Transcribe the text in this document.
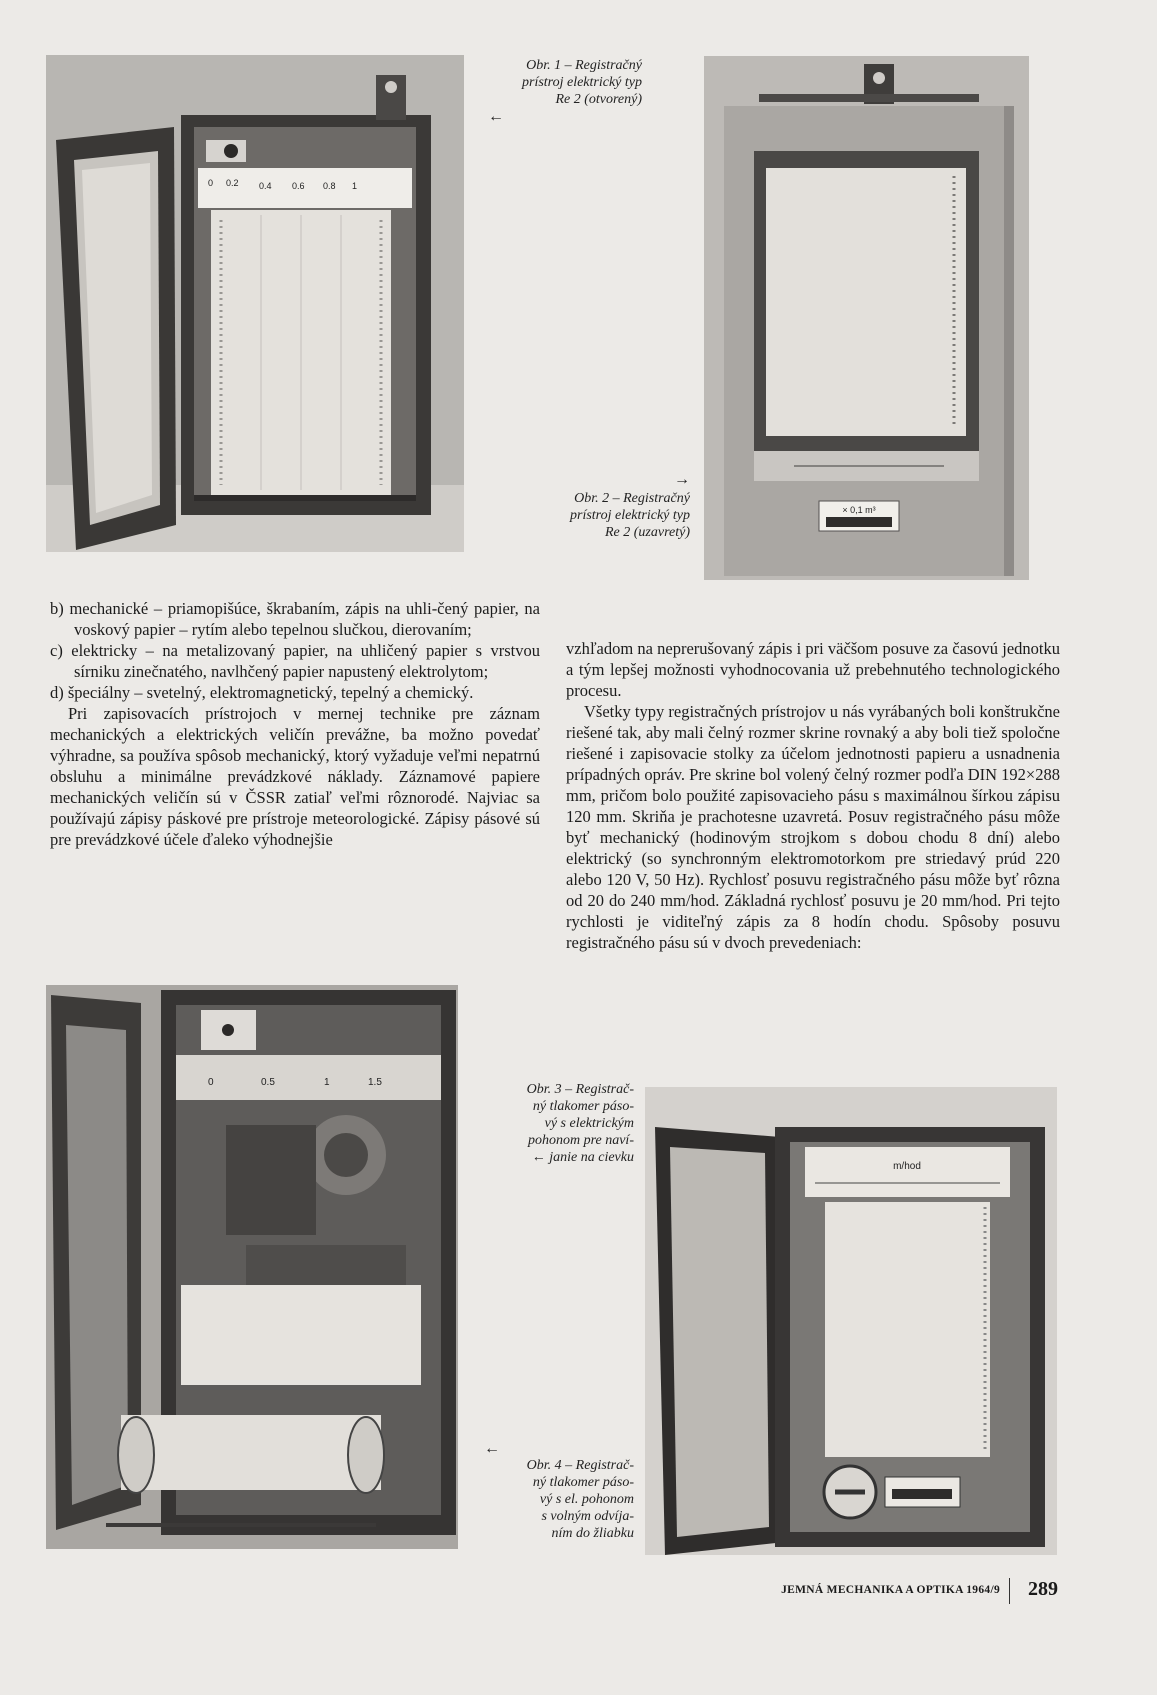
0 0.2 0.4 0.6 0.8 1
Obr. 1 – Registračný
prístroj elektrický typ
Re 2 (otvorený)
←
× 0,1 m³
→
Obr. 2 – Registračný
prístroj elektrický typ
Re 2 (uzavretý)

b) mechanické – priamopišúce, škrabaním, zápis na uhli-čený papier, na voskový papier – rytím alebo tepelnou slučkou, dierovaním;

c) elektricky – na metalizovaný papier, na uhličený papier s vrstvou sírniku zinečnatého, navlhčený papier napustený elektrolytom;

d) špeciálny – svetelný, elektromagnetický, tepelný a chemický.

Pri zapisovacích prístrojoch v mernej technike pre záznam mechanických a elektrických veličín prevážne, ba možno povedať výhradne, sa používa spôsob mechanický, ktorý vyžaduje veľmi nepatrnú obsluhu a minimálne prevádzkové náklady. Záznamové papiere mechanických veličín sú v ČSSR zatiaľ veľmi rôznorodé. Najviac sa používajú zápisy páskové pre prístroje meteorologické. Zápisy pásové sú pre prevádzkové účele ďaleko výhodnejšie

vzhľadom na neprerušovaný zápis i pri väčšom posuve za časovú jednotku a tým lepšej možnosti vyhodnocovania už prebehnutého technologického procesu.

Všetky typy registračných prístrojov u nás vyrábaných boli konštrukčne riešené tak, aby mali čelný rozmer skrine rovnaký a aby boli tiež spoločne riešené i zapisovacie stolky za účelom jednotnosti papieru a usnadnenia prípadných opráv. Pre skrine bol volený čelný rozmer podľa DIN 192×288 mm, pričom bolo použité zapisovacieho pásu s maximálnou šírkou zápisu 120 mm. Skriňa je prachotesne uzavretá. Posuv registračného pásu môže byť mechanický (hodinovým strojkom s dobou chodu 8 dní) alebo elektrický (so synchronným elektromotorkom pre striedavý prúd 220 alebo 120 V, 50 Hz). Rychlosť posuvu registračného pásu môže byť rôzna od 20 do 240 mm/hod. Základná rychlosť posuvu je 20 mm/hod. Pri tejto rychlosti je viditeľný zápis za 8 hodín chodu. Spôsoby posuvu registračného pásu sú v dvoch prevedeniach:

0	0.5	1	1.5	Obr. 3 – Registrač-
ný tlakomer páso-
vý s elektrickým
pohonom pre naví-
← janie na cievku
←
Obr. 4 – Registrač-
ný tlakomer páso-
vý s el. pohonom
s volným odvíja-
ním do žliabku
m/hod
JEMNÁ MECHANIKA A OPTIKA 1964/9 289
